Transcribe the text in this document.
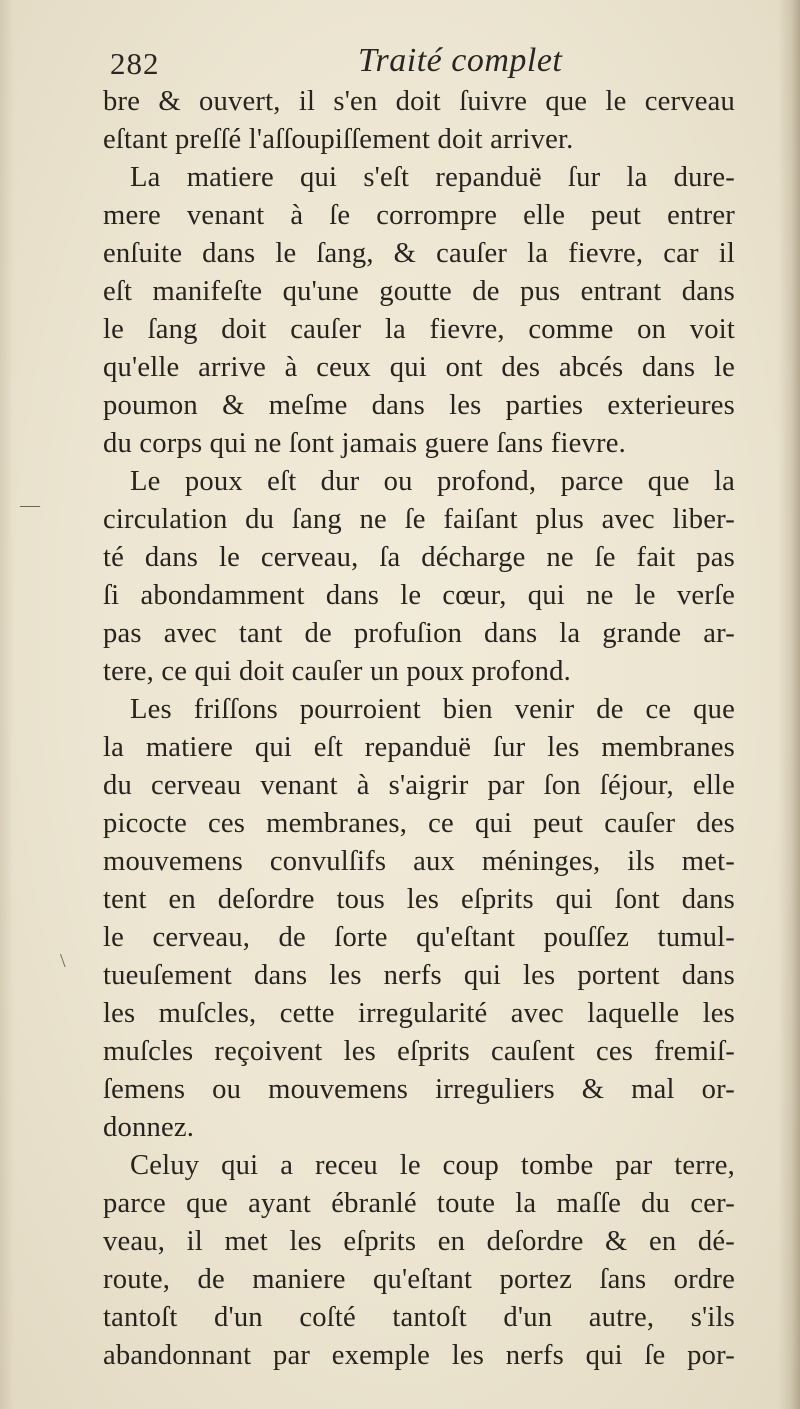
282	Traité complet
bre & ouvert, il s'en doit ſuivre que le cerveau
eſtant preſſé l'aſſoupiſſement doit arriver.
La matiere qui s'eſt repanduë ſur la dure-
mere venant à ſe corrompre elle peut entrer
enſuite dans le ſang, & cauſer la fievre, car il
eſt manifeſte qu'une goutte de pus entrant dans
le ſang doit cauſer la fievre, comme on voit
qu'elle arrive à ceux qui ont des abcés dans le
poumon & meſme dans les parties exterieures
du corps qui ne ſont jamais guere ſans fievre.
Le poux eſt dur ou profond, parce que la
circulation du ſang ne ſe faiſant plus avec liber-
té dans le cerveau, ſa décharge ne ſe fait pas
ſi abondamment dans le cœur, qui ne le verſe
pas avec tant de profuſion dans la grande ar-
tere, ce qui doit cauſer un poux profond.
Les friſſons pourroient bien venir de ce que
la matiere qui eſt repanduë ſur les membranes
du cerveau venant à s'aigrir par ſon ſéjour, elle
picocte ces membranes, ce qui peut cauſer des
mouvemens convulſifs aux méninges, ils met-
tent en deſordre tous les eſprits qui ſont dans
le cerveau, de ſorte qu'eſtant pouſſez tumul-
tueuſement dans les nerfs qui les portent dans
les muſcles, cette irregularité avec laquelle les
muſcles reçoivent les eſprits cauſent ces fremiſ-
ſemens ou mouvemens irreguliers & mal or-
donnez.
Celuy qui a receu le coup tombe par terre,
parce que ayant ébranlé toute la maſſe du cer-
veau, il met les eſprits en deſordre & en dé-
route, de maniere qu'eſtant portez ſans ordre
tantoſt d'un coſté tantoſt d'un autre, s'ils
abandonnant par exemple les nerfs qui ſe por-
—
\
